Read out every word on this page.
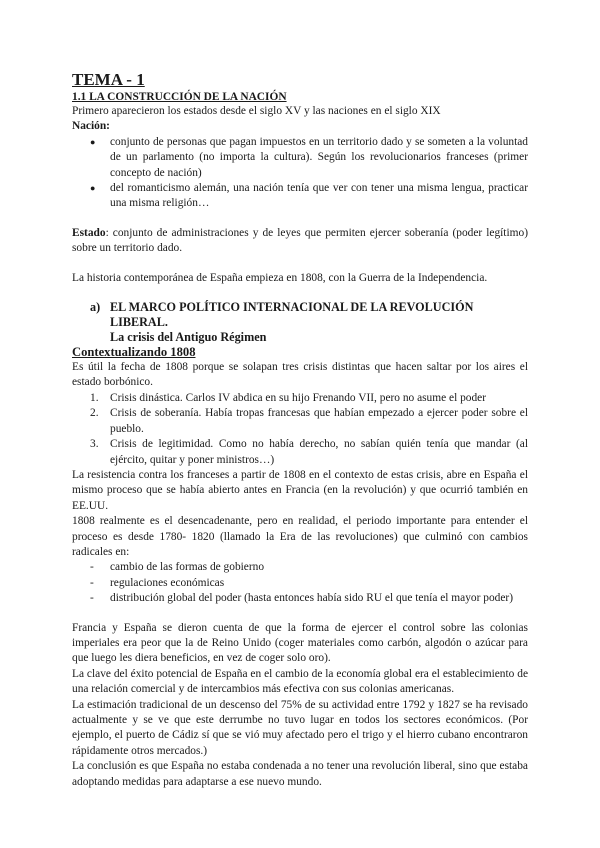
TEMA - 1
1.1 LA CONSTRUCCIÓN DE LA NACIÓN

Primero aparecieron los estados desde el siglo XV y las naciones en el siglo XIX

Nación:
● conjunto de personas que pagan impuestos en un territorio dado y se someten a la voluntad de un parlamento (no importa la cultura). Según los revolucionarios franceses (primer concepto de nación)
● del romanticismo alemán, una nación tenía que ver con tener una misma lengua, practicar una misma religión…

Estado: conjunto de administraciones y de leyes que permiten ejercer soberanía (poder legítimo) sobre un territorio dado.

La historia contemporánea de España empieza en 1808, con la Guerra de la Independencia.

a) EL MARCO POLÍTICO INTERNACIONAL DE LA REVOLUCIÓN LIBERAL.
La crisis del Antiguo Régimen
Contextualizando 1808

Es útil la fecha de 1808 porque se solapan tres crisis distintas que hacen saltar por los aires el estado borbónico.

1. Crisis dinástica. Carlos IV abdica en su hijo Frenando VII, pero no asume el poder
2. Crisis de soberanía. Había tropas francesas que habían empezado a ejercer poder sobre el pueblo.
3. Crisis de legitimidad. Como no había derecho, no sabían quién tenía que mandar (al ejército, quitar y poner ministros…)

La resistencia contra los franceses a partir de 1808 en el contexto de estas crisis, abre en España el mismo proceso que se había abierto antes en Francia (en la revolución) y que ocurrió también en EE.UU.

1808 realmente es el desencadenante, pero en realidad, el periodo importante para entender el proceso es desde 1780- 1820 (llamado la Era de las revoluciones) que culminó con cambios radicales en:

- cambio de las formas de gobierno
- regulaciones económicas
- distribución global del poder (hasta entonces había sido RU el que tenía el mayor poder)

Francia y España se dieron cuenta de que la forma de ejercer el control sobre las colonias imperiales era peor que la de Reino Unido (coger materiales como carbón, algodón o azúcar para que luego les diera beneficios, en vez de coger solo oro).

La clave del éxito potencial de España en el cambio de la economía global era el establecimiento de una relación comercial y de intercambios más efectiva con sus colonias americanas.

La estimación tradicional de un descenso del 75% de su actividad entre 1792 y 1827 se ha revisado actualmente y se ve que este derrumbe no tuvo lugar en todos los sectores económicos. (Por ejemplo, el puerto de Cádiz sí que se vió muy afectado pero el trigo y el hierro cubano encontraron rápidamente otros mercados.)

La conclusión es que España no estaba condenada a no tener una revolución liberal, sino que estaba adoptando medidas para adaptarse a ese nuevo mundo.
